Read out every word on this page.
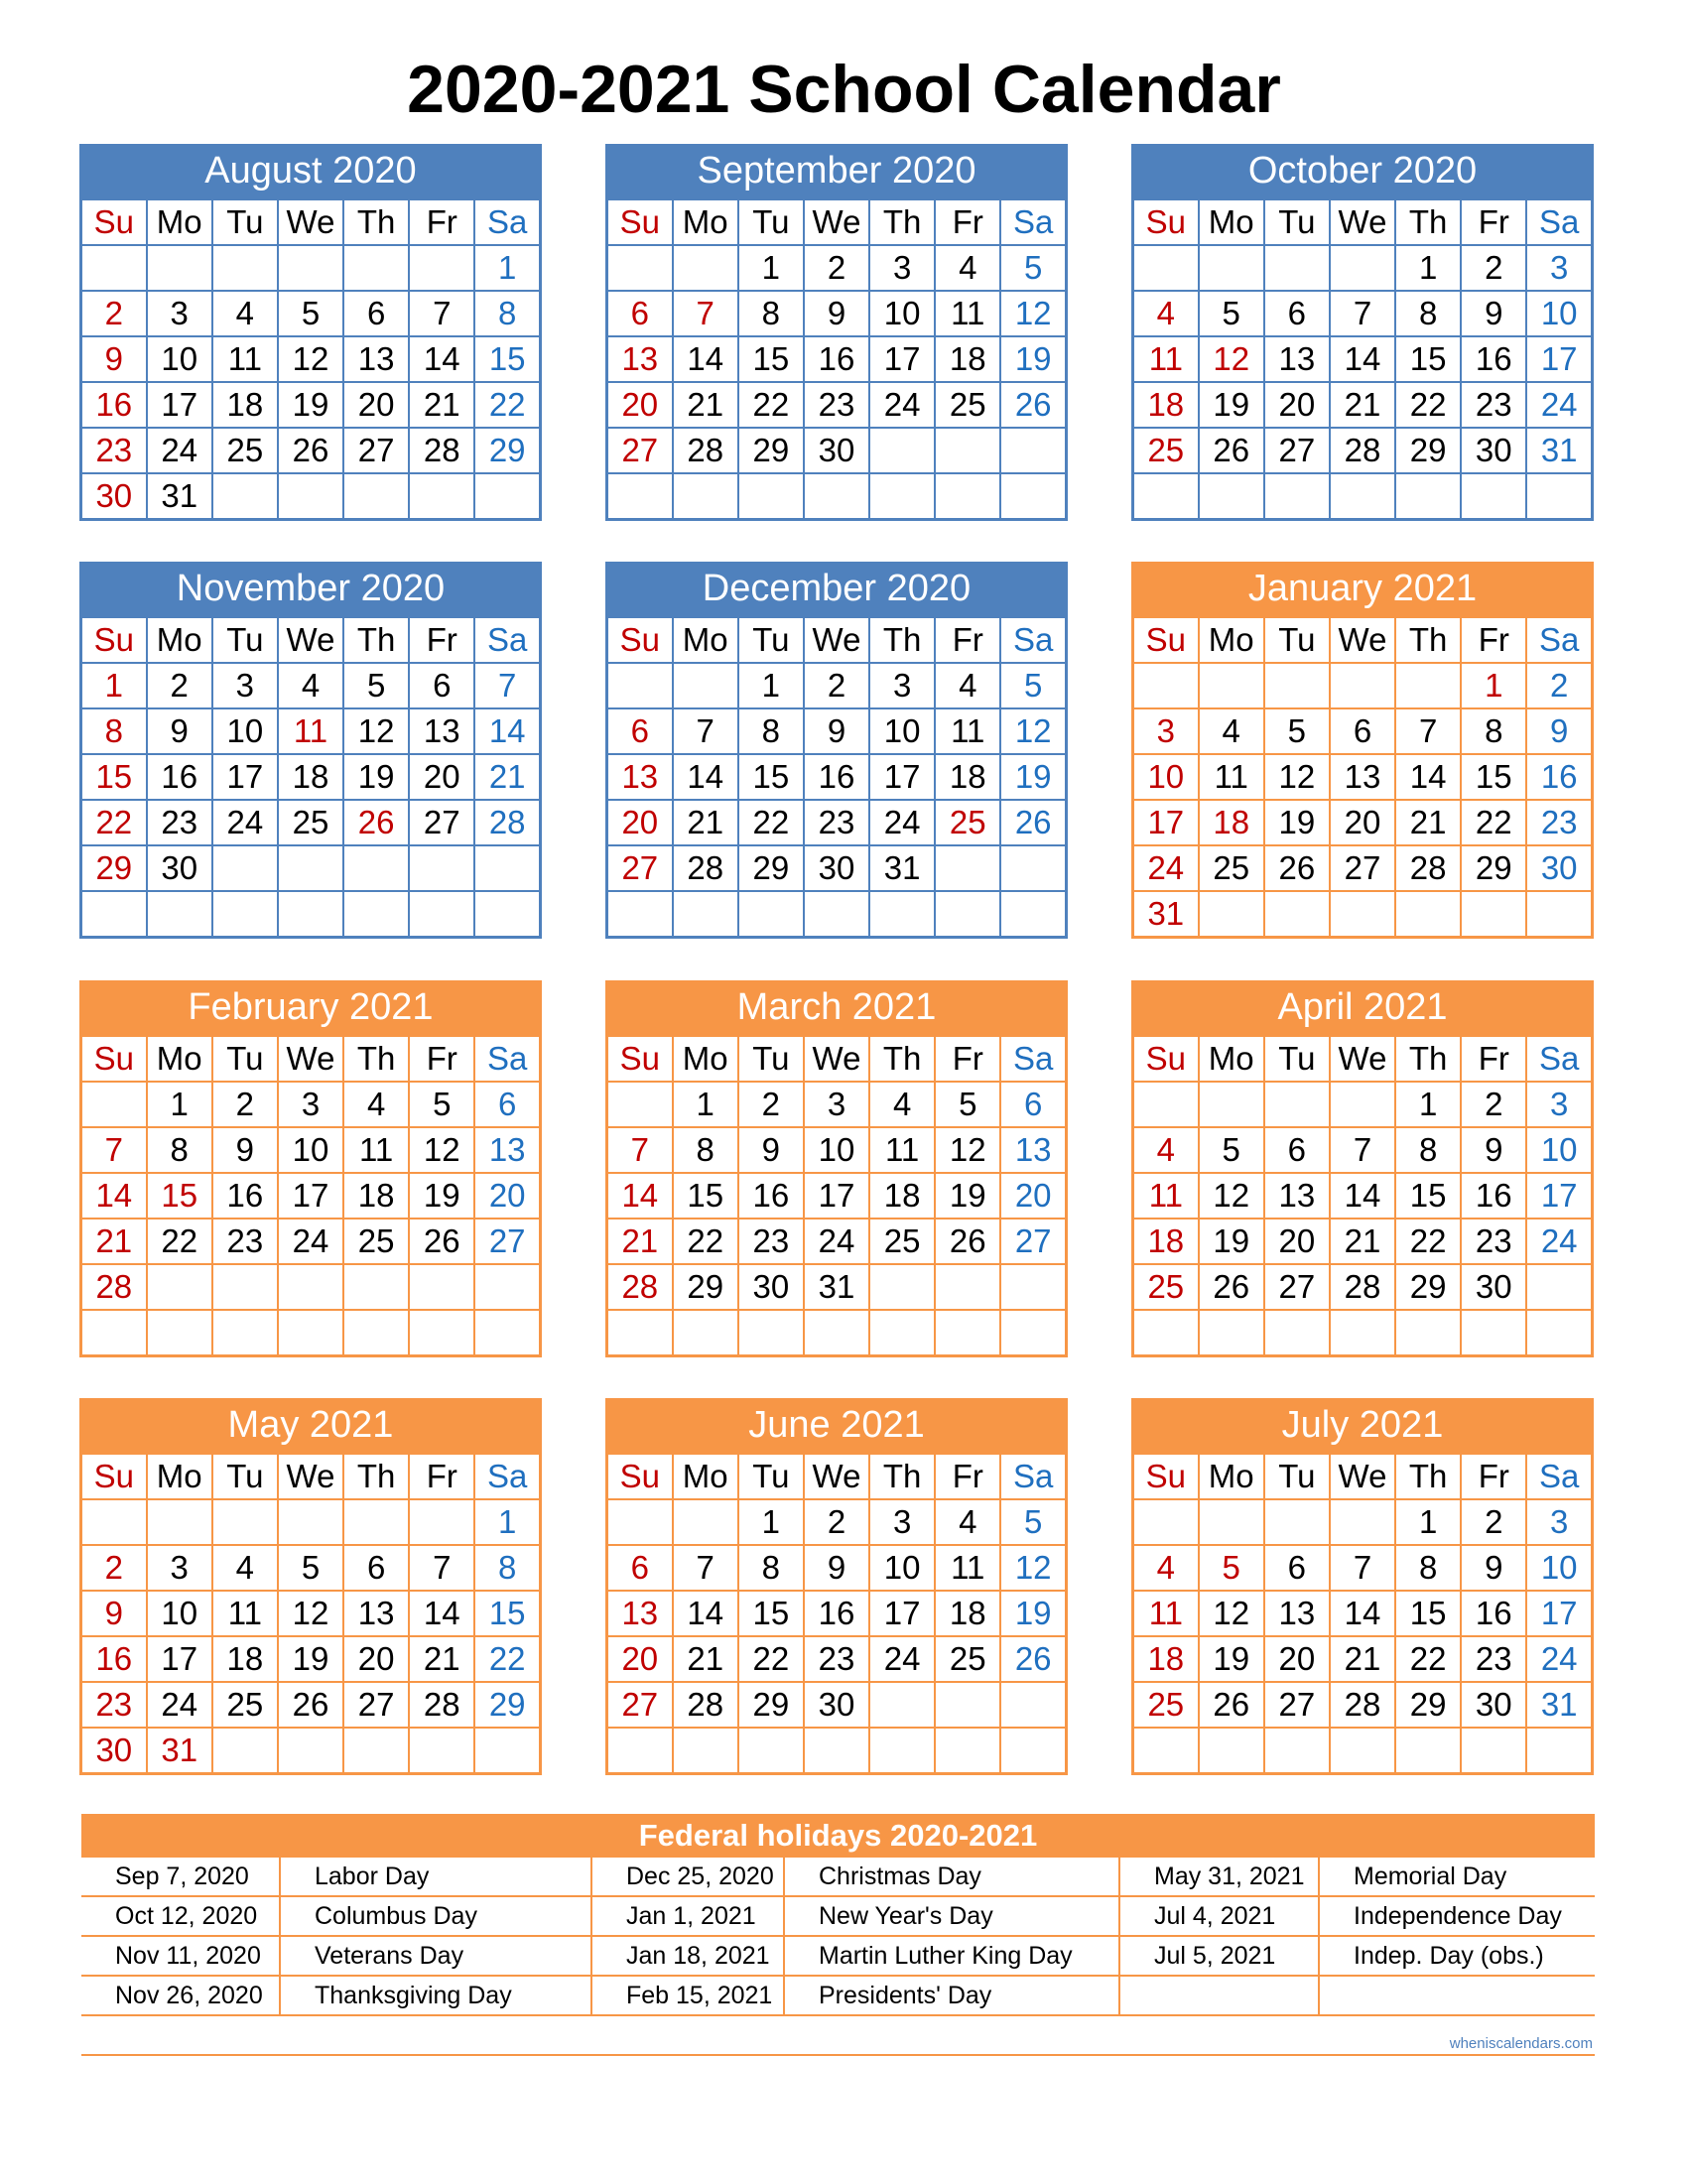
2020-2021 School Calendar
August 2020
Su	Mo	Tu	We	Th	Fr	Sa
						1
2	3	4	5	6	7	8
9	10	11	12	13	14	15
16	17	18	19	20	21	22
23	24	25	26	27	28	29
30	31					
September 2020
Su	Mo	Tu	We	Th	Fr	Sa
		1	2	3	4	5
6	7	8	9	10	11	12
13	14	15	16	17	18	19
20	21	22	23	24	25	26
27	28	29	30			

October 2020
Su	Mo	Tu	We	Th	Fr	Sa
				1	2	3
4	5	6	7	8	9	10
11	12	13	14	15	16	17
18	19	20	21	22	23	24
25	26	27	28	29	30	31

November 2020
Su	Mo	Tu	We	Th	Fr	Sa
1	2	3	4	5	6	7
8	9	10	11	12	13	14
15	16	17	18	19	20	21
22	23	24	25	26	27	28
29	30					

December 2020
Su	Mo	Tu	We	Th	Fr	Sa
		1	2	3	4	5
6	7	8	9	10	11	12
13	14	15	16	17	18	19
20	21	22	23	24	25	26
27	28	29	30	31		

January 2021
Su	Mo	Tu	We	Th	Fr	Sa
					1	2
3	4	5	6	7	8	9
10	11	12	13	14	15	16
17	18	19	20	21	22	23
24	25	26	27	28	29	30
31						
February 2021
Su	Mo	Tu	We	Th	Fr	Sa
	1	2	3	4	5	6
7	8	9	10	11	12	13
14	15	16	17	18	19	20
21	22	23	24	25	26	27
28						

March 2021
Su	Mo	Tu	We	Th	Fr	Sa
	1	2	3	4	5	6
7	8	9	10	11	12	13
14	15	16	17	18	19	20
21	22	23	24	25	26	27
28	29	30	31			

April 2021
Su	Mo	Tu	We	Th	Fr	Sa
				1	2	3
4	5	6	7	8	9	10
11	12	13	14	15	16	17
18	19	20	21	22	23	24
25	26	27	28	29	30	

May 2021
Su	Mo	Tu	We	Th	Fr	Sa
						1
2	3	4	5	6	7	8
9	10	11	12	13	14	15
16	17	18	19	20	21	22
23	24	25	26	27	28	29
30	31					
June 2021
Su	Mo	Tu	We	Th	Fr	Sa
		1	2	3	4	5
6	7	8	9	10	11	12
13	14	15	16	17	18	19
20	21	22	23	24	25	26
27	28	29	30			

July 2021
Su	Mo	Tu	We	Th	Fr	Sa
				1	2	3
4	5	6	7	8	9	10
11	12	13	14	15	16	17
18	19	20	21	22	23	24
25	26	27	28	29	30	31

Federal holidays 2020-2021
Sep 7, 2020	Labor Day	Dec 25, 2020	Christmas Day	May 31, 2021	Memorial Day
Oct 12, 2020	Columbus Day	Jan 1, 2021	New Year's Day	Jul 4, 2021	Independence Day
Nov 11, 2020	Veterans Day	Jan 18, 2021	Martin Luther King Day	Jul 5, 2021	Indep. Day (obs.)
Nov 26, 2020	Thanksgiving Day	Feb 15, 2021	Presidents' Day		
wheniscalendars.com
